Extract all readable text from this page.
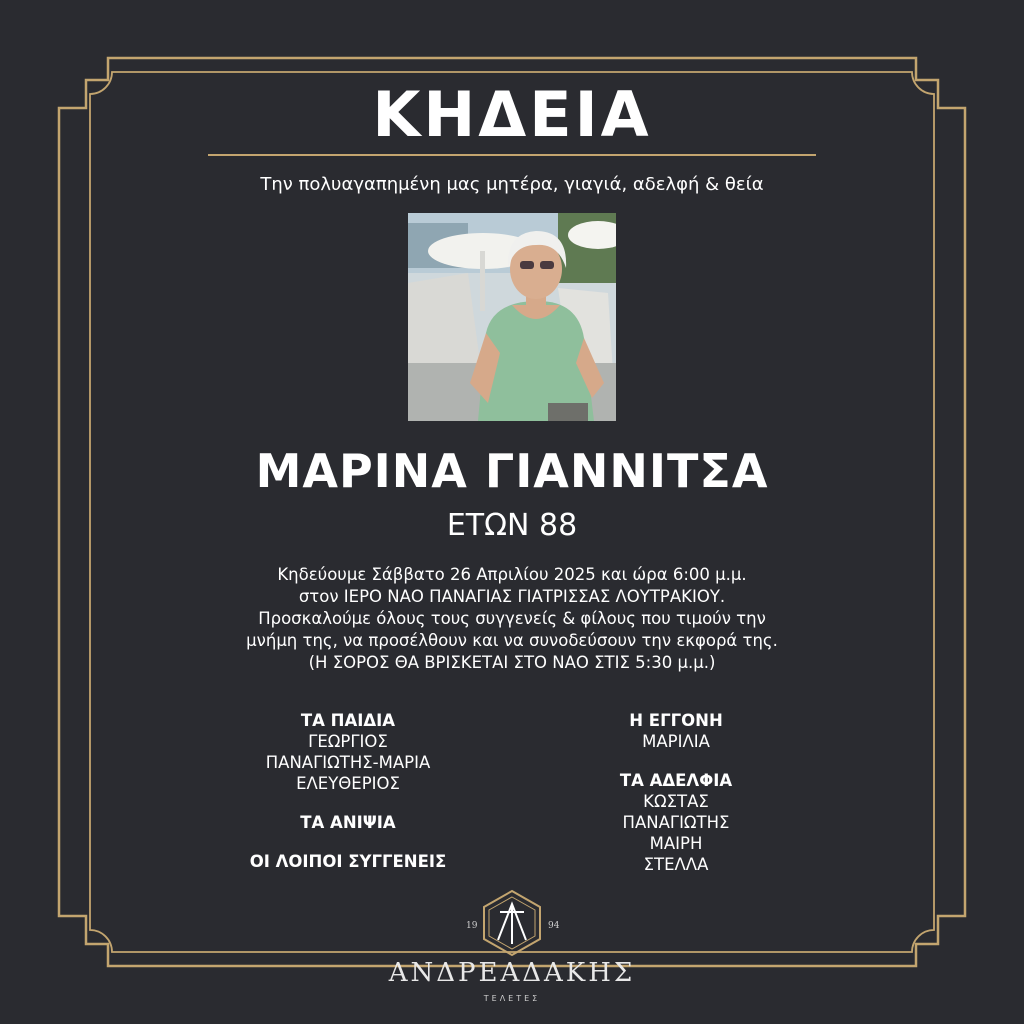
ΚΗΔΕΙΑ
Την πολυαγαπημένη μας μητέρα, γιαγιά, αδελφή & θεία
ΜΑΡΙΝΑ ΓΙΑΝΝΙΤΣΑ
ΕΤΩΝ 88
Κηδεύουμε Σάββατο 26 Απριλίου 2025 και ώρα 6:00 μ.μ.
στον ΙΕΡΟ ΝΑΟ ΠΑΝΑΓΙΑΣ ΓΙΑΤΡΙΣΣΑΣ ΛΟΥΤΡΑΚΙΟΥ.
Προσκαλούμε όλους τους συγγενείς & φίλους που τιμούν την
μνήμη της, να προσέλθουν και να συνοδεύσουν την εκφορά της.
(Η ΣΟΡΟΣ ΘΑ ΒΡΙΣΚΕΤΑΙ ΣΤΟ ΝΑΟ ΣΤΙΣ 5:30 μ.μ.)
ΤΑ ΠΑΙΔΙΑ
ΓΕΩΡΓΙΟΣ
ΠΑΝΑΓΙΩΤΗΣ-ΜΑΡΙΑ
ΕΛΕΥΘΕΡΙΟΣ
ΤΑ ΑΝΙΨΙΑ
ΟΙ ΛΟΙΠΟΙ ΣΥΓΓΕΝΕΙΣ
Η ΕΓΓΟΝΗ
ΜΑΡΙΛΙΑ
ΤΑ ΑΔΕΛΦΙΑ
ΚΩΣΤΑΣ
ΠΑΝΑΓΙΩΤΗΣ
ΜΑΙΡΗ
ΣΤΕΛΛΑ
19	94
ΑΝΔΡΕΑΔΑΚΗΣ
ΤΕΛΕΤΕΣ
